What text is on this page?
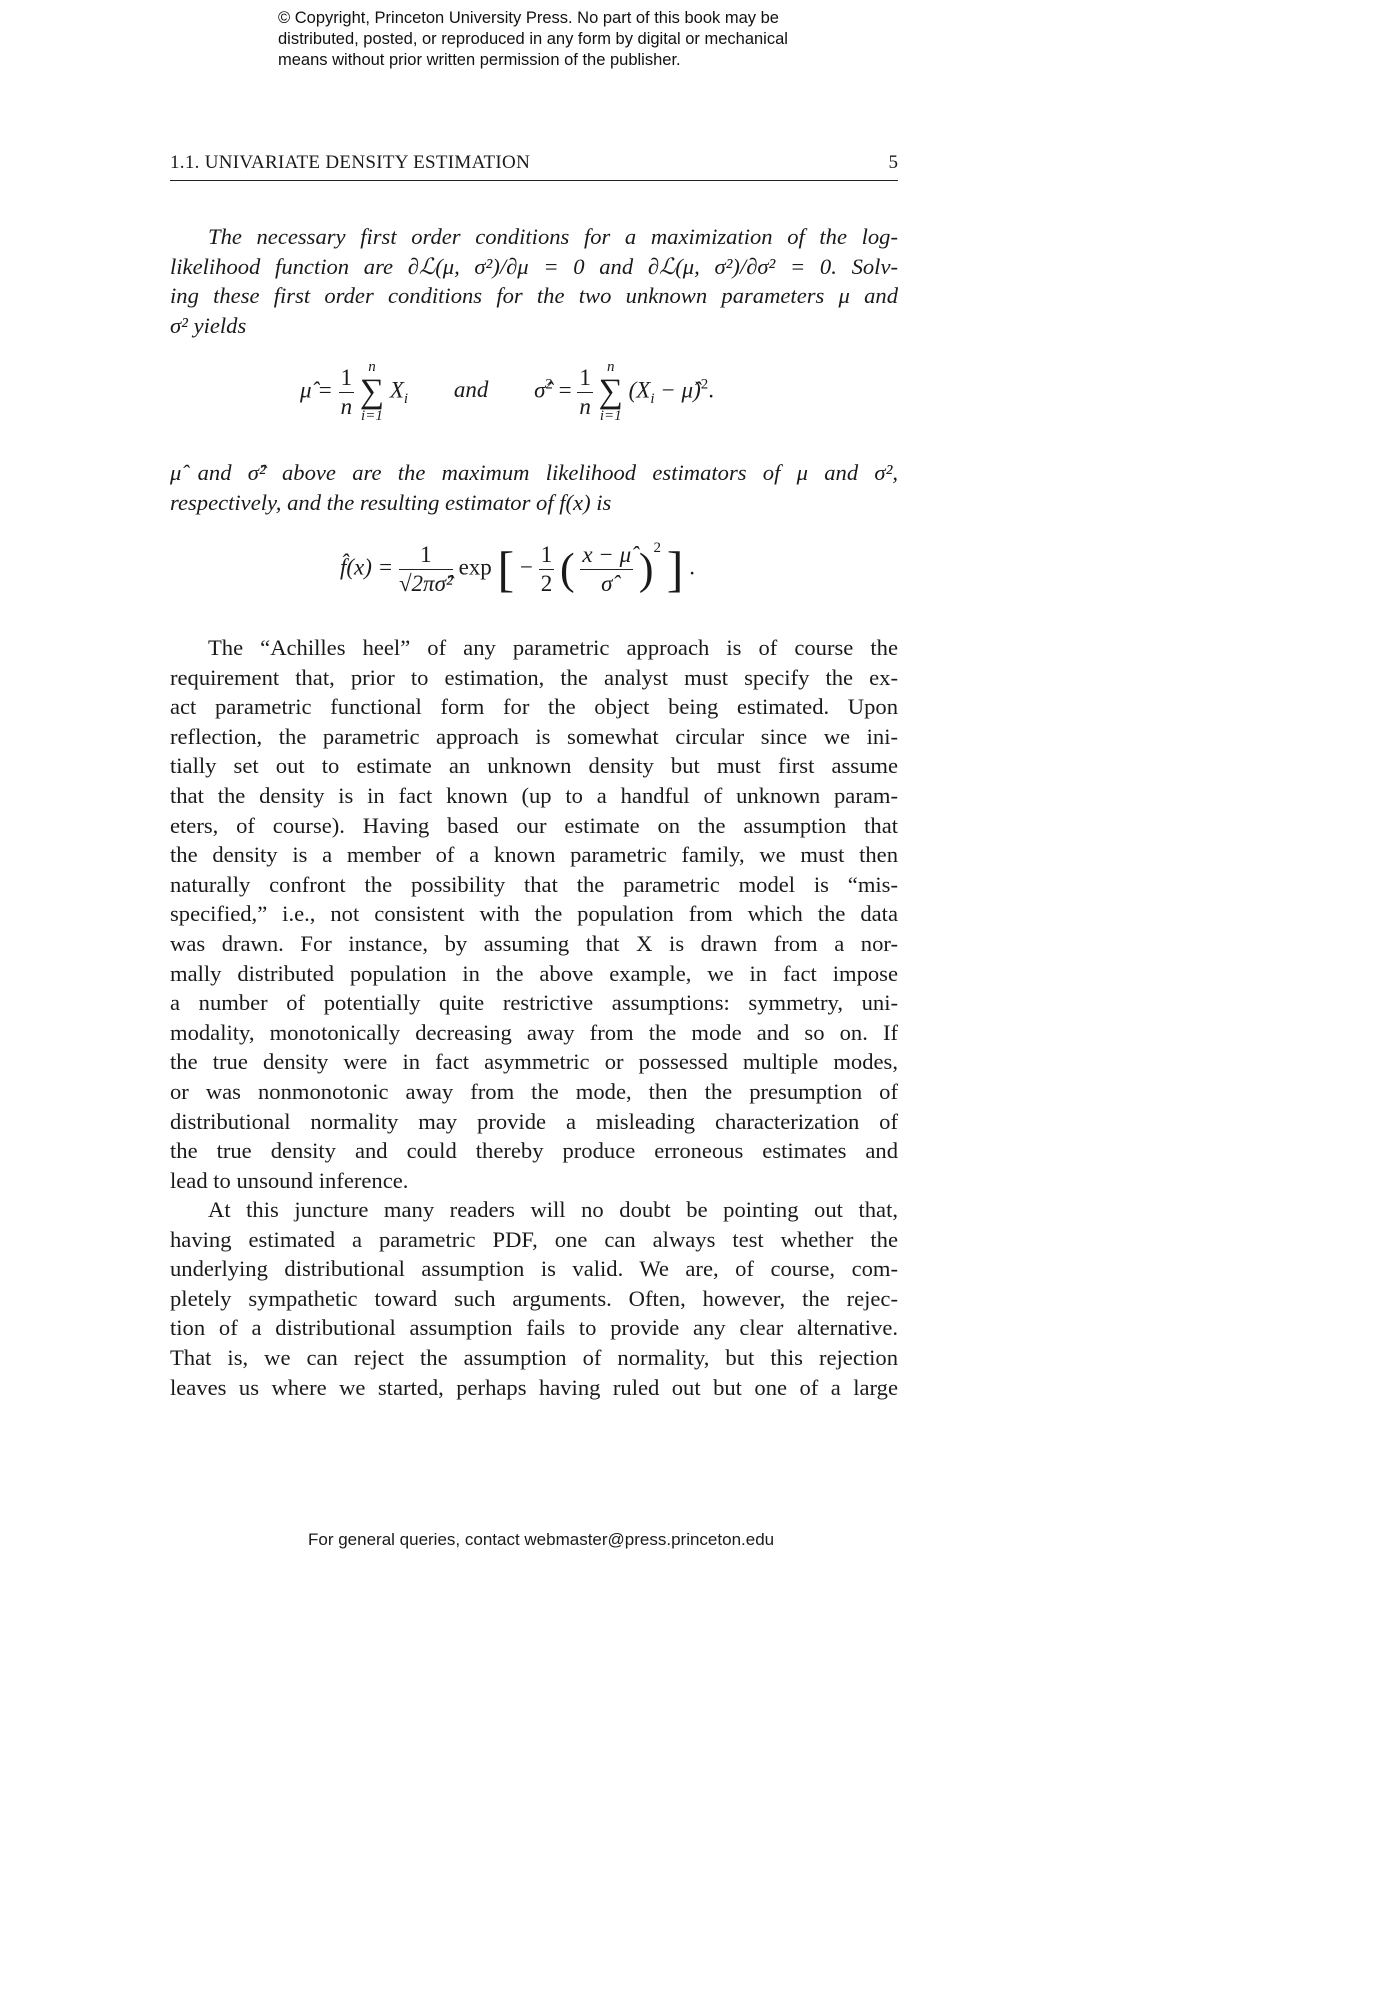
© Copyright, Princeton University Press. No part of this book may be
distributed, posted, or reproduced in any form by digital or mechanical
means without prior written permission of the publisher.
1.1. UNIVARIATE DENSITY ESTIMATION	5

The necessary first order conditions for a maximization of the log-
likelihood function are ∂ℒ(μ, σ²)/∂μ = 0 and ∂ℒ(μ, σ²)/∂σ² = 0. Solv-
ing these first order conditions for the two unknown parameters μ and
σ² yields

μ̂ = $\frac{1}{n}$
n
∑
i=1
$X_i$ and σ̂$^2$ = $\frac{1}{n}$
n
∑
i=1
($X_i$ − μ̂)$^2$.

μ̂ and σ̂² above are the maximum likelihood estimators of μ and σ²,
respectively, and the resulting estimator of f(x) is

f̂(x) = $\frac{1}{\text{√2πσ̂²}}$ exp [ − $\frac{1}{2}$ ( $\frac{x - \mû}{\sigmâ} )^2$ ] .

The “Achilles heel” of any parametric approach is of course the
requirement that, prior to estimation, the analyst must specify the ex-
act parametric functional form for the object being estimated. Upon
reflection, the parametric approach is somewhat circular since we ini-
tially set out to estimate an unknown density but must first assume
that the density is in fact known (up to a handful of unknown param-
eters, of course). Having based our estimate on the assumption that
the density is a member of a known parametric family, we must then
naturally confront the possibility that the parametric model is “mis-
specified,” i.e., not consistent with the population from which the data
was drawn. For instance, by assuming that X is drawn from a nor-
mally distributed population in the above example, we in fact impose
a number of potentially quite restrictive assumptions: symmetry, uni-
modality, monotonically decreasing away from the mode and so on. If
the true density were in fact asymmetric or possessed multiple modes,
or was nonmonotonic away from the mode, then the presumption of
distributional normality may provide a misleading characterization of
the true density and could thereby produce erroneous estimates and
lead to unsound inference.

At this juncture many readers will no doubt be pointing out that,
having estimated a parametric PDF, one can always test whether the
underlying distributional assumption is valid. We are, of course, com-
pletely sympathetic toward such arguments. Often, however, the rejec-
tion of a distributional assumption fails to provide any clear alternative.
That is, we can reject the assumption of normality, but this rejection
leaves us where we started, perhaps having ruled out but one of a large

For general queries, contact webmaster@press.princeton.edu
